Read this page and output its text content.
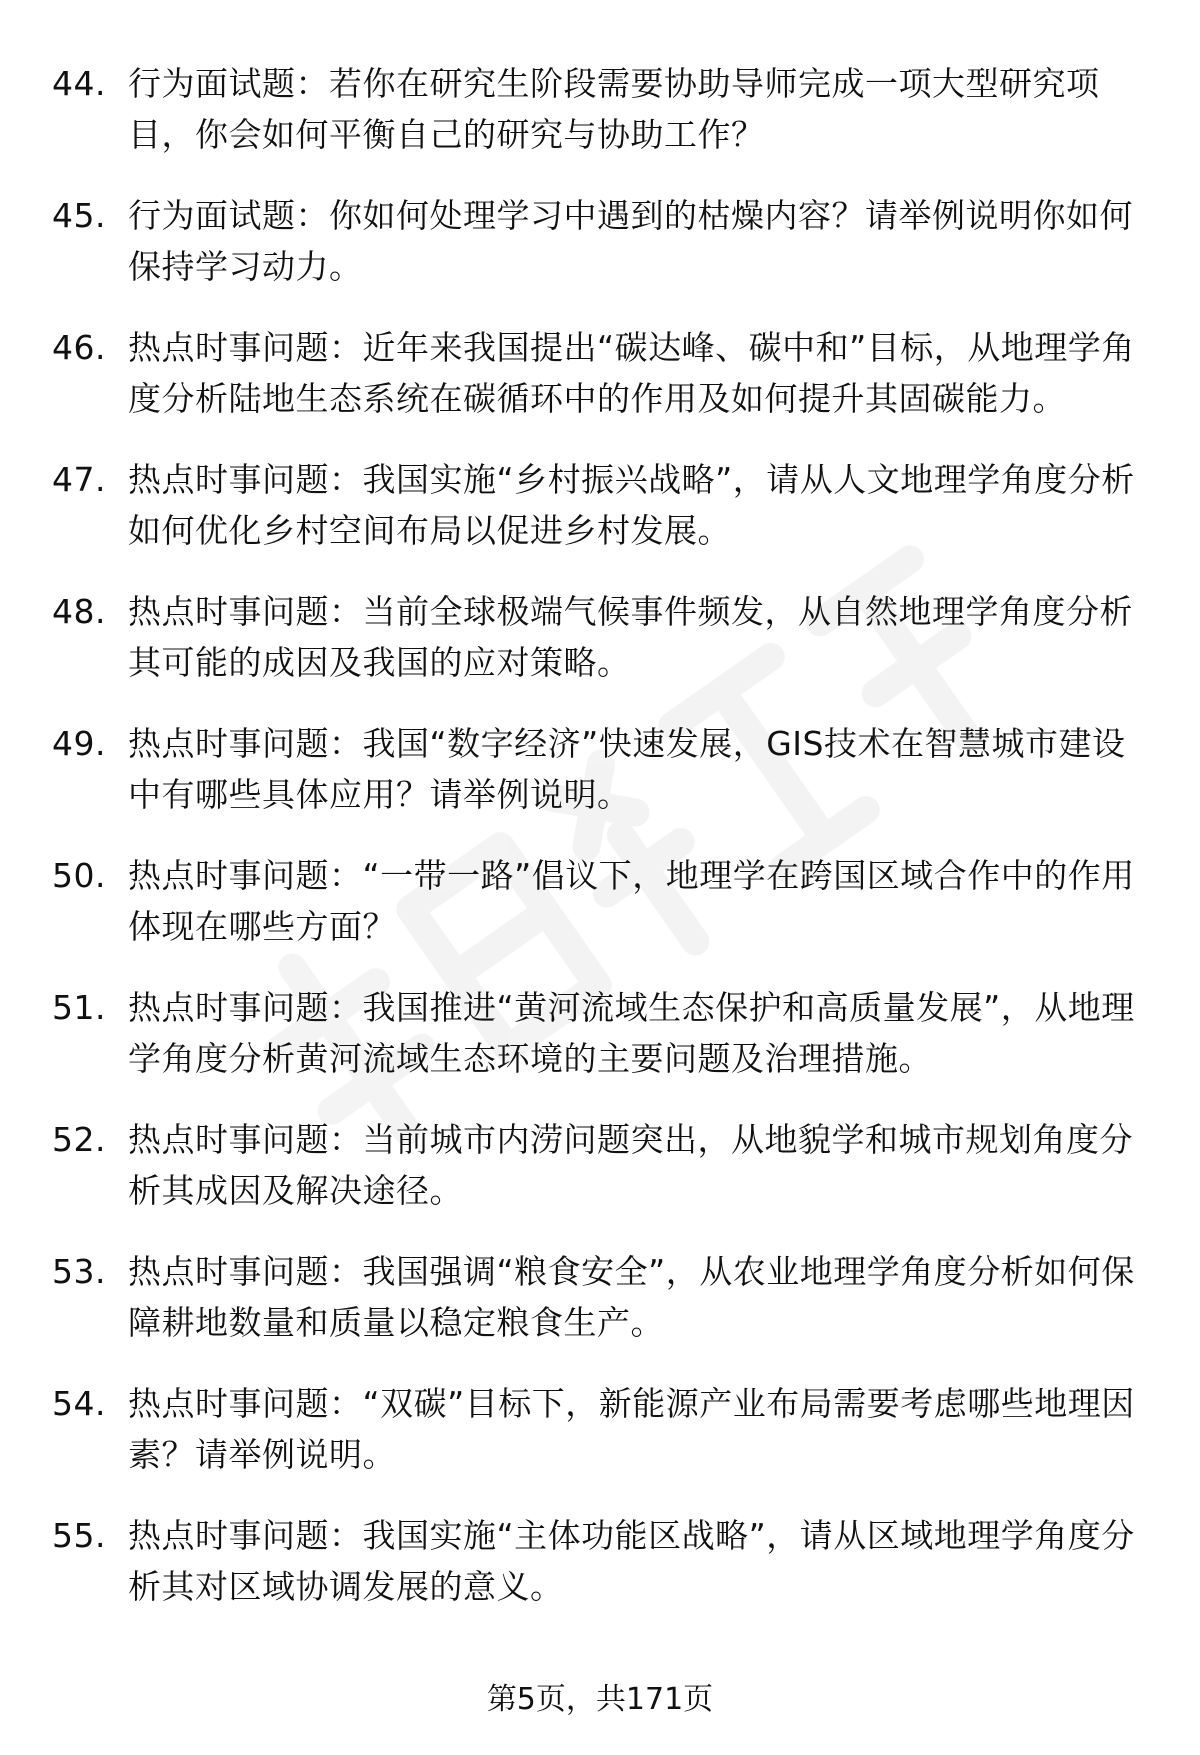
44. 行为面试题：若你在研究生阶段需要协助导师完成一项大型研究项目，你会如何平衡自己的研究与协助工作？
45. 行为面试题：你如何处理学习中遇到的枯燥内容？请举例说明你如何保持学习动力。
46. 热点时事问题：近年来我国提出“碳达峰、碳中和”目标，从地理学角度分析陆地生态系统在碳循环中的作用及如何提升其固碳能力。
47. 热点时事问题：我国实施“乡村振兴战略”，请从人文地理学角度分析如何优化乡村空间布局以促进乡村发展。
48. 热点时事问题：当前全球极端气候事件频发，从自然地理学角度分析其可能的成因及我国的应对策略。
49. 热点时事问题：我国“数字经济”快速发展，GIS技术在智慧城市建设中有哪些具体应用？请举例说明。
50. 热点时事问题：“一带一路”倡议下，地理学在跨国区域合作中的作用体现在哪些方面？
51. 热点时事问题：我国推进“黄河流域生态保护和高质量发展”，从地理学角度分析黄河流域生态环境的主要问题及治理措施。
52. 热点时事问题：当前城市内涝问题突出，从地貌学和城市规划角度分析其成因及解决途径。
53. 热点时事问题：我国强调“粮食安全”，从农业地理学角度分析如何保障耕地数量和质量以稳定粮食生产。
54. 热点时事问题：“双碳”目标下，新能源产业布局需要考虑哪些地理因素？请举例说明。
55. 热点时事问题：我国实施“主体功能区战略”，请从区域地理学角度分析其对区域协调发展的意义。
第5页，共171页
